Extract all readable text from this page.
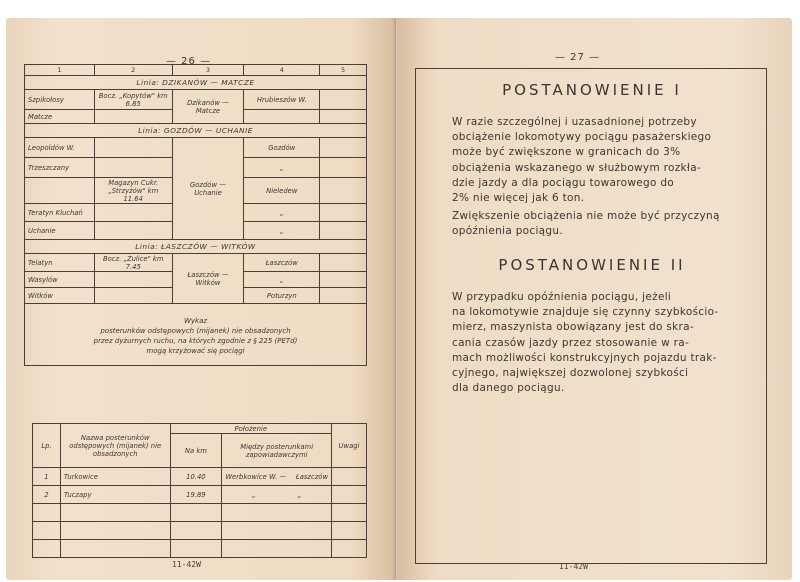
— 26 —
1	2	3	4	5
Linia: DZIKANÓW — MATCZE				
Szpikołosy	Bocz. „Kopytów" km 6.85	Dzikanów — Matcze	Hrubieszów W.	
Matcze				
Linia: GOZDÓW — UCHANIE				
Leopoldów W.		Gozdów — Uchanie	Gozdów	
Trzeszczany			„	
	Magazyn Cukr. „Strzyżów" km 11.64		Nieledew	
Teratyn Kluchań			„	
Uchanie			„	
Linia: ŁASZCZÓW — WITKÓW				
Telatyn	Bocz. „Zulice" km 7.45	Łaszczów — Witków	Łaszczów	
Wasylów			„	
Witków			Poturzyn	

Wykaz
posterunków odstępowych (mijanek) nie obsadzonych
przez dyżurnych ruchu, na których zgodnie z § 225 (PETd)
mogą krzyżować się pociągi				
Lp.	Nazwa posterunków odstępowych (mijanek) nie obsadzonych	Położenie		Uwagi
		Na km	Między posterunkami zapowiadawczymi	
1	Turkowice	10.40	Werbkowice W. — Łaszczów	

2	Tuczapy	19.89	„ „	

11-42W
— 27 —
POSTANOWIENIE I

W razie szczególnej i uzasadnionej potrzeby

obciążenie lokomotywy pociągu pasażerskiego

może być zwiększone w granicach do 3%

obciążenia wskazanego w służbowym rozkła-

dzie jazdy a dla pociągu towarowego do

2% nie więcej jak 6 ton.

Zwiększenie obciążenia nie może być przyczyną

opóźnienia pociągu.

POSTANOWIENIE II

W przypadku opóźnienia pociągu, jeżeli

na lokomotywie znajduje się czynny szybkościo-

mierz, maszynista obowiązany jest do skra-

cania czasów jazdy przez stosowanie w ra-

mach możliwości konstrukcyjnych pojazdu trak-

cyjnego, największej dozwolonej szybkości

dla danego pociągu.

11-42W
